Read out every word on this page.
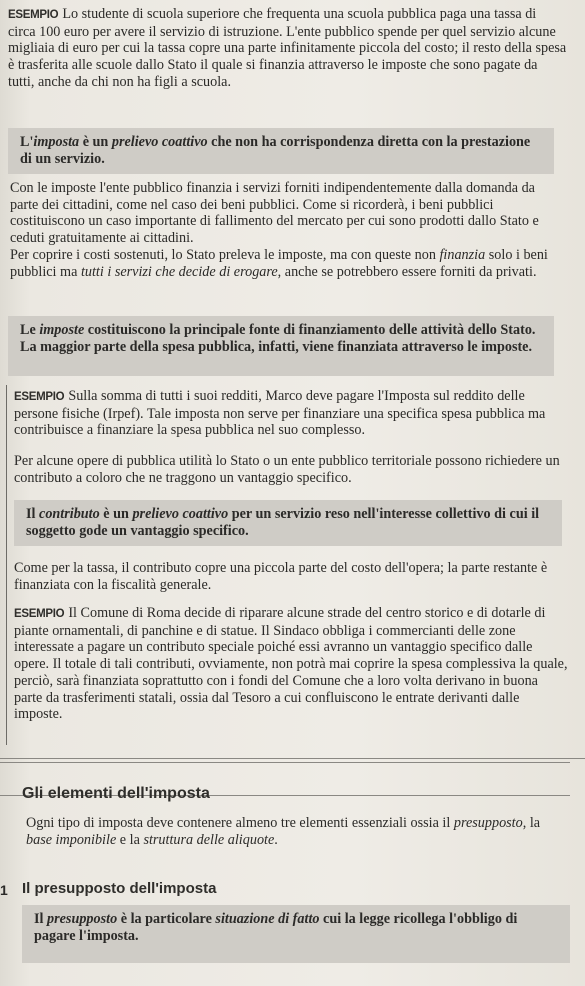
ESEMPIO Lo studente di scuola superiore che frequenta una scuola pubblica paga una tassa di circa 100 euro per avere il servizio di istruzione. L'ente pubblico spende per quel servizio alcune migliaia di euro per cui la tassa copre una parte infinitamente piccola del costo; il resto della spesa è trasferita alle scuole dallo Stato il quale si finanzia attraverso le imposte che sono pagate da tutti, anche da chi non ha figli a scuola.
L'imposta è un prelievo coattivo che non ha corrispondenza diretta con la prestazione di un servizio.
Con le imposte l'ente pubblico finanzia i servizi forniti indipendentemente dalla domanda da parte dei cittadini, come nel caso dei beni pubblici. Come si ricorderà, i beni pubblici costituiscono un caso importante di fallimento del mercato per cui sono prodotti dallo Stato e ceduti gratuitamente ai cittadini.
Per coprire i costi sostenuti, lo Stato preleva le imposte, ma con queste non finanzia solo i beni pubblici ma tutti i servizi che decide di erogare, anche se potrebbero essere forniti da privati.
Le imposte costituiscono la principale fonte di finanziamento delle attività dello Stato. La maggior parte della spesa pubblica, infatti, viene finanziata attraverso le imposte.
ESEMPIO Sulla somma di tutti i suoi redditi, Marco deve pagare l'Imposta sul reddito delle persone fisiche (Irpef). Tale imposta non serve per finanziare una specifica spesa pubblica ma contribuisce a finanziare la spesa pubblica nel suo complesso.
Per alcune opere di pubblica utilità lo Stato o un ente pubblico territoriale possono richiedere un contributo a coloro che ne traggono un vantaggio specifico.
Il contributo è un prelievo coattivo per un servizio reso nell'interesse collettivo di cui il soggetto gode un vantaggio specifico.
Come per la tassa, il contributo copre una piccola parte del costo dell'opera; la parte restante è finanziata con la fiscalità generale.
ESEMPIO Il Comune di Roma decide di riparare alcune strade del centro storico e di dotarle di piante ornamentali, di panchine e di statue. Il Sindaco obbliga i commercianti delle zone interessate a pagare un contributo speciale poiché essi avranno un vantaggio specifico dalle opere. Il totale di tali contributi, ovviamente, non potrà mai coprire la spesa complessiva la quale, perciò, sarà finanziata soprattutto con i fondi del Comune che a loro volta derivano in buona parte da trasferimenti statali, ossia dal Tesoro a cui confluiscono le entrate derivanti dalle imposte.
Gli elementi dell'imposta
Ogni tipo di imposta deve contenere almeno tre elementi essenziali ossia il presupposto, la base imponibile e la struttura delle aliquote.
1 Il presupposto dell'imposta
Il presupposto è la particolare situazione di fatto cui la legge ricollega l'obbligo di pagare l'imposta.
